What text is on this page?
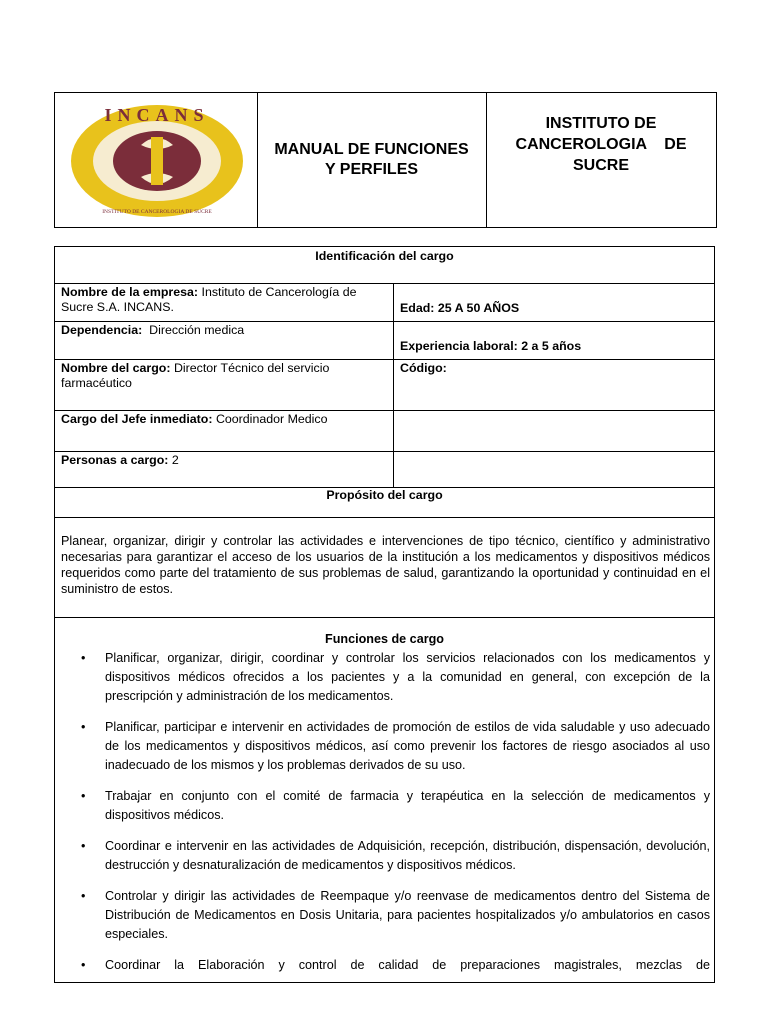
INCANS
INSTITUTO DE CANCEROLOGIA DE SUCRE
MANUAL DE FUNCIONES Y PERFILES
INSTITUTO DE CANCEROLOGIA    DE SUCRE
Identificación del cargo
Nombre de la empresa: Instituto de Cancerología de Sucre S.A. INCANS.	Edad: 25 A 50 AÑOS
Dependencia: Dirección medica
Experiencia laboral: 2 a 5 años
Nombre del cargo: Director Técnico del servicio farmacéutico
Código:
Cargo del Jefe inmediato: Coordinador Medico
Personas a cargo: 2
Propósito del cargo
Planear, organizar, dirigir y controlar las actividades e intervenciones de tipo técnico, científico y administrativo necesarias para garantizar el acceso de los usuarios de la institución a los medicamentos y dispositivos médicos requeridos como parte del tratamiento de sus problemas de salud, garantizando la oportunidad y continuidad en el suministro de estos.
Funciones de cargo
• Planificar, organizar, dirigir, coordinar y controlar los servicios relacionados con los medicamentos y dispositivos médicos ofrecidos a los pacientes y a la comunidad en general, con excepción de la prescripción y administración de los medicamentos.
• Planificar, participar e intervenir en actividades de promoción de estilos de vida saludable y uso adecuado de los medicamentos y dispositivos médicos, así como prevenir los factores de riesgo asociados al uso inadecuado de los mismos y los problemas derivados de su uso.
• Trabajar en conjunto con el comité de farmacia y terapéutica en la selección de medicamentos y dispositivos médicos.
• Coordinar e intervenir en las actividades de Adquisición, recepción, distribución, dispensación, devolución, destrucción y desnaturalización de medicamentos y dispositivos médicos.
• Controlar y dirigir las actividades de Reempaque y/o reenvase de medicamentos dentro del Sistema de Distribución de Medicamentos en Dosis Unitaria, para pacientes hospitalizados y/o ambulatorios en casos especiales.
• Coordinar la Elaboración y control de calidad de preparaciones magistrales, mezclas de
